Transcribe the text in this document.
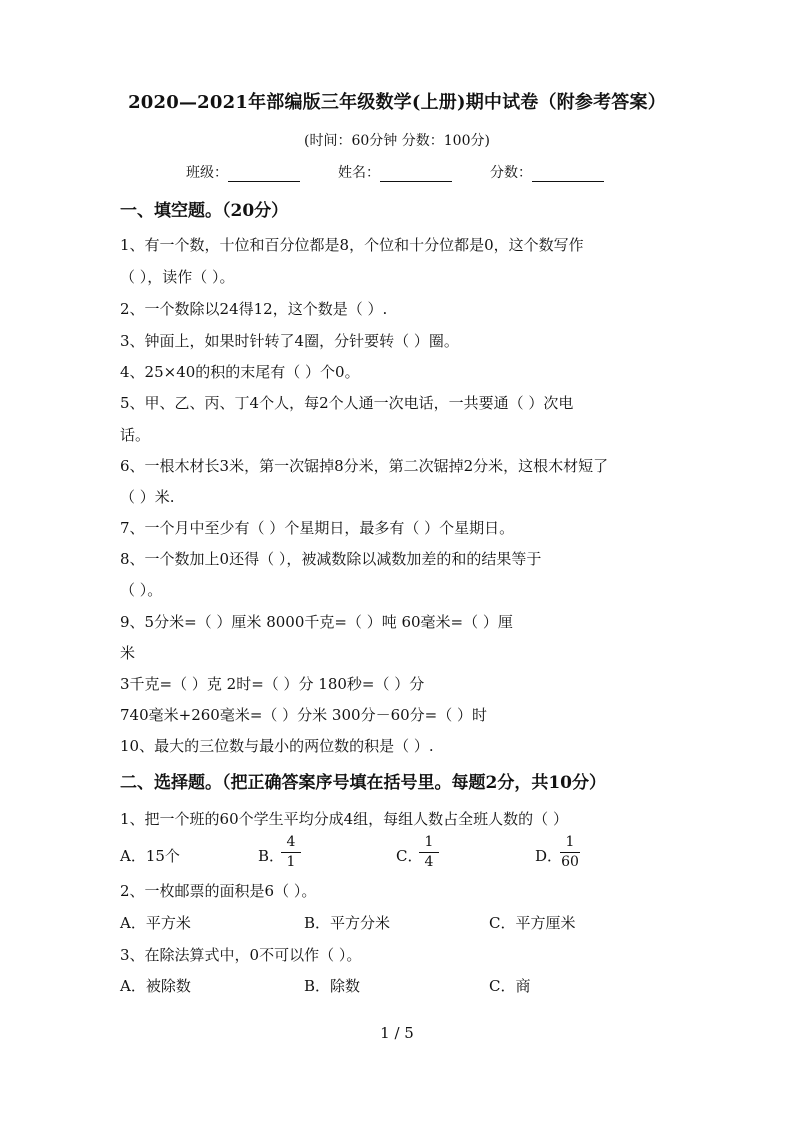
2020—2021年部编版三年级数学(上册)期中试卷（附参考答案）
(时间：60分钟 分数：100分)
班级：	姓名：	分数：
一、填空题。（20分）
1、有一个数，十位和百分位都是8，个位和十分位都是0，这个数写作
（ ），读作（ ）。
2、一个数除以24得12，这个数是（ ）.
3、钟面上，如果时针转了4圈，分针要转（ ）圈。
4、25×40的积的末尾有（ ）个0。
5、甲、乙、丙、丁4个人，每2个人通一次电话，一共要通（ ）次电
话。
6、一根木材长3米，第一次锯掉8分米，第二次锯掉2分米，这根木材短了
（ ）米.
7、一个月中至少有（ ）个星期日，最多有（ ）个星期日。
8、一个数加上0还得（ ），被减数除以减数加差的和的结果等于
（ ）。
9、5分米=（ ）厘米 8000千克=（ ）吨 60毫米=（ ）厘
米
3千克=（ ）克 2时=（ ）分 180秒=（ ）分
740毫米+260毫米=（ ）分米 300分－60分=（ ）时
10、最大的三位数与最小的两位数的积是（ ）.
二、选择题。（把正确答案序号填在括号里。每题2分，共10分）
1、把一个班的60个学生平均分成4组，每组人数占全班人数的（ ）
A．15个	B．
4
1	C．
1
4	D．
1
60
2、一枚邮票的面积是6（ ）。
A．平方米	B．平方分米	C．平方厘米
3、在除法算式中，0不可以作（ ）。
A．被除数	B．除数	C．商
1 / 5
